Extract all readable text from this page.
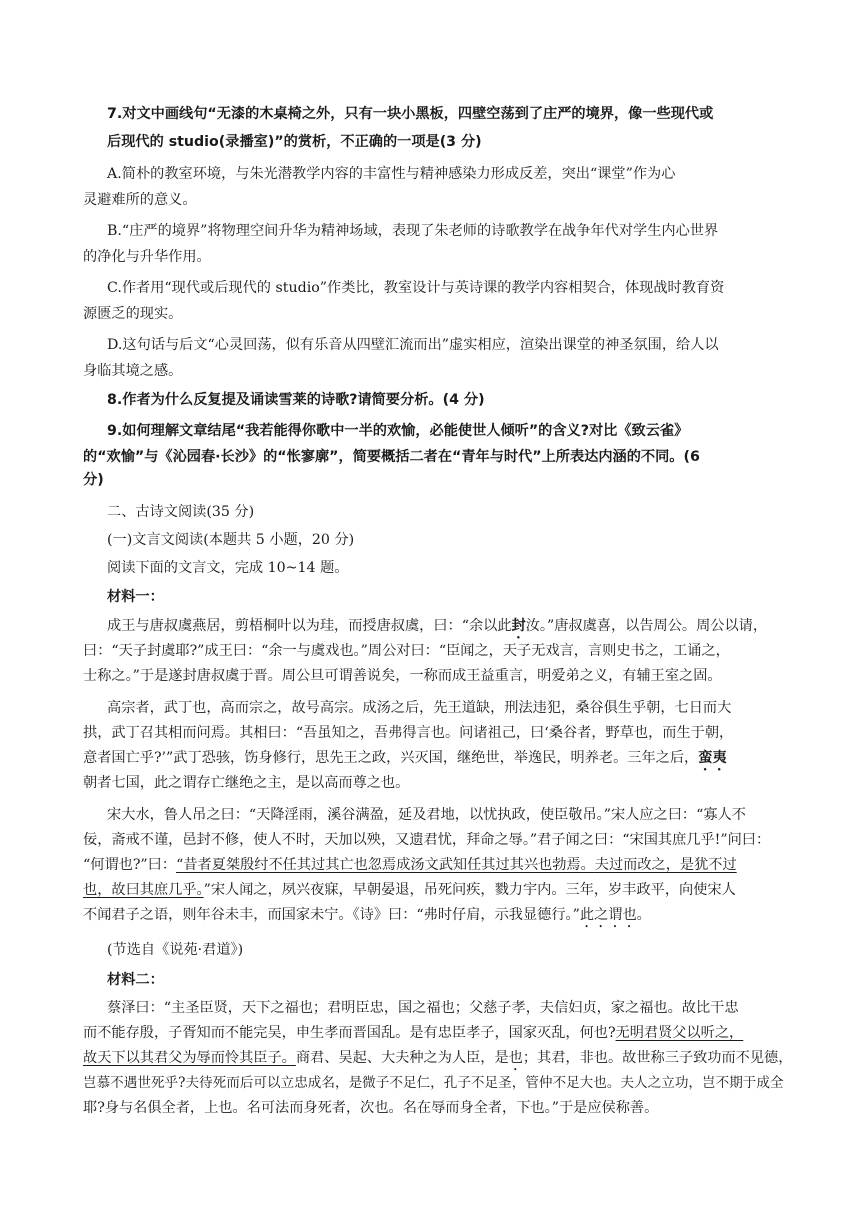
7.对文中画线句“无漆的木桌椅之外，只有一块小黑板，四壁空荡到了庄严的境界，像一些现代或
后现代的 studio(录播室)”的赏析，不正确的一项是(3 分)
A.简朴的教室环境，与朱光潜教学内容的丰富性与精神感染力形成反差，突出“课堂”作为心
灵避难所的意义。
B.“庄严的境界”将物理空间升华为精神场域，表现了朱老师的诗歌教学在战争年代对学生内心世界
的净化与升华作用。
C.作者用“现代或后现代的 studio”作类比，教室设计与英诗课的教学内容相契合，体现战时教育资
源匮乏的现实。
D.这句话与后文“心灵回荡，似有乐音从四壁汇流而出”虚实相应，渲染出课堂的神圣氛围，给人以
身临其境之感。
8.作者为什么反复提及诵读雪莱的诗歌?请简要分析。(4 分)
9.如何理解文章结尾“我若能得你歌中一半的欢愉，必能使世人倾听”的含义?对比《致云雀》
的“欢愉”与《沁园春·长沙》的“怅寥廓”，简要概括二者在“青年与时代”上所表达内涵的不同。(6
分)
二、古诗文阅读(35 分)
(一)文言文阅读(本题共 5 小题，20 分)
阅读下面的文言文，完成 10~14 题。
材料一：
成王与唐叔虞燕居，剪梧桐叶以为珪，而授唐叔虞，曰：“余以此封汝。”唐叔虞喜，以告周公。周公以请，
曰：“天子封虞耶?”成王曰：“余一与虞戏也。”周公对曰：“臣闻之，天子无戏言，言则史书之，工诵之，
士称之。”于是遂封唐叔虞于晋。周公旦可谓善说矣，一称而成王益重言，明爱弟之义，有辅王室之固。
高宗者，武丁也，高而宗之，故号高宗。成汤之后，先王道缺，刑法违犯，桑谷俱生乎朝，七日而大
拱，武丁召其相而问焉。其相曰：“吾虽知之，吾弗得言也。问诸祖己，曰‘桑谷者，野草也，而生于朝，
意者国亡乎?’”武丁恐骇，饬身修行，思先王之政，兴灭国，继绝世，举逸民，明养老。三年之后，蛮夷
朝者七国，此之谓存亡继绝之主，是以高而尊之也。
宋大水，鲁人吊之曰：“天降淫雨，溪谷满盈，延及君地，以忧执政，使臣敬吊。”宋人应之曰：“寡人不
佞，斋戒不谨，邑封不修，使人不时，天加以殃，又遗君忧，拜命之辱。”君子闻之曰：“宋国其庶几乎!”问曰：
“何谓也?”曰：“昔者夏桀殷纣不任其过其亡也忽焉成汤文武知任其过其兴也勃焉。夫过而改之，是犹不过
也，故曰其庶几乎。”宋人闻之，夙兴夜寐，早朝晏退，吊死问疾，戮力宇内。三年，岁丰政平，向使宋人
不闻君子之语，则年谷未丰，而国家未宁。《诗》曰：“弗时仔肩，示我显德行。”此之谓也。
(节选自《说苑·君道》)
材料二：
蔡泽曰：“主圣臣贤，天下之福也；君明臣忠，国之福也；父慈子孝，夫信妇贞，家之福也。故比干忠
而不能存殷，子胥知而不能完吴，申生孝而晋国乱。是有忠臣孝子，国家灭乱，何也?无明君贤父以听之，
故天下以其君父为辱而怜其臣子。商君、吴起、大夫种之为人臣，是也；其君，非也。故世称三子致功而不见德，
岂慕不遇世死乎?夫待死而后可以立忠成名，是微子不足仁，孔子不足圣，管仲不足大也。夫人之立功，岂不期于成全
耶?身与名俱全者，上也。名可法而身死者，次也。名在辱而身全者，下也。”于是应侯称善。
